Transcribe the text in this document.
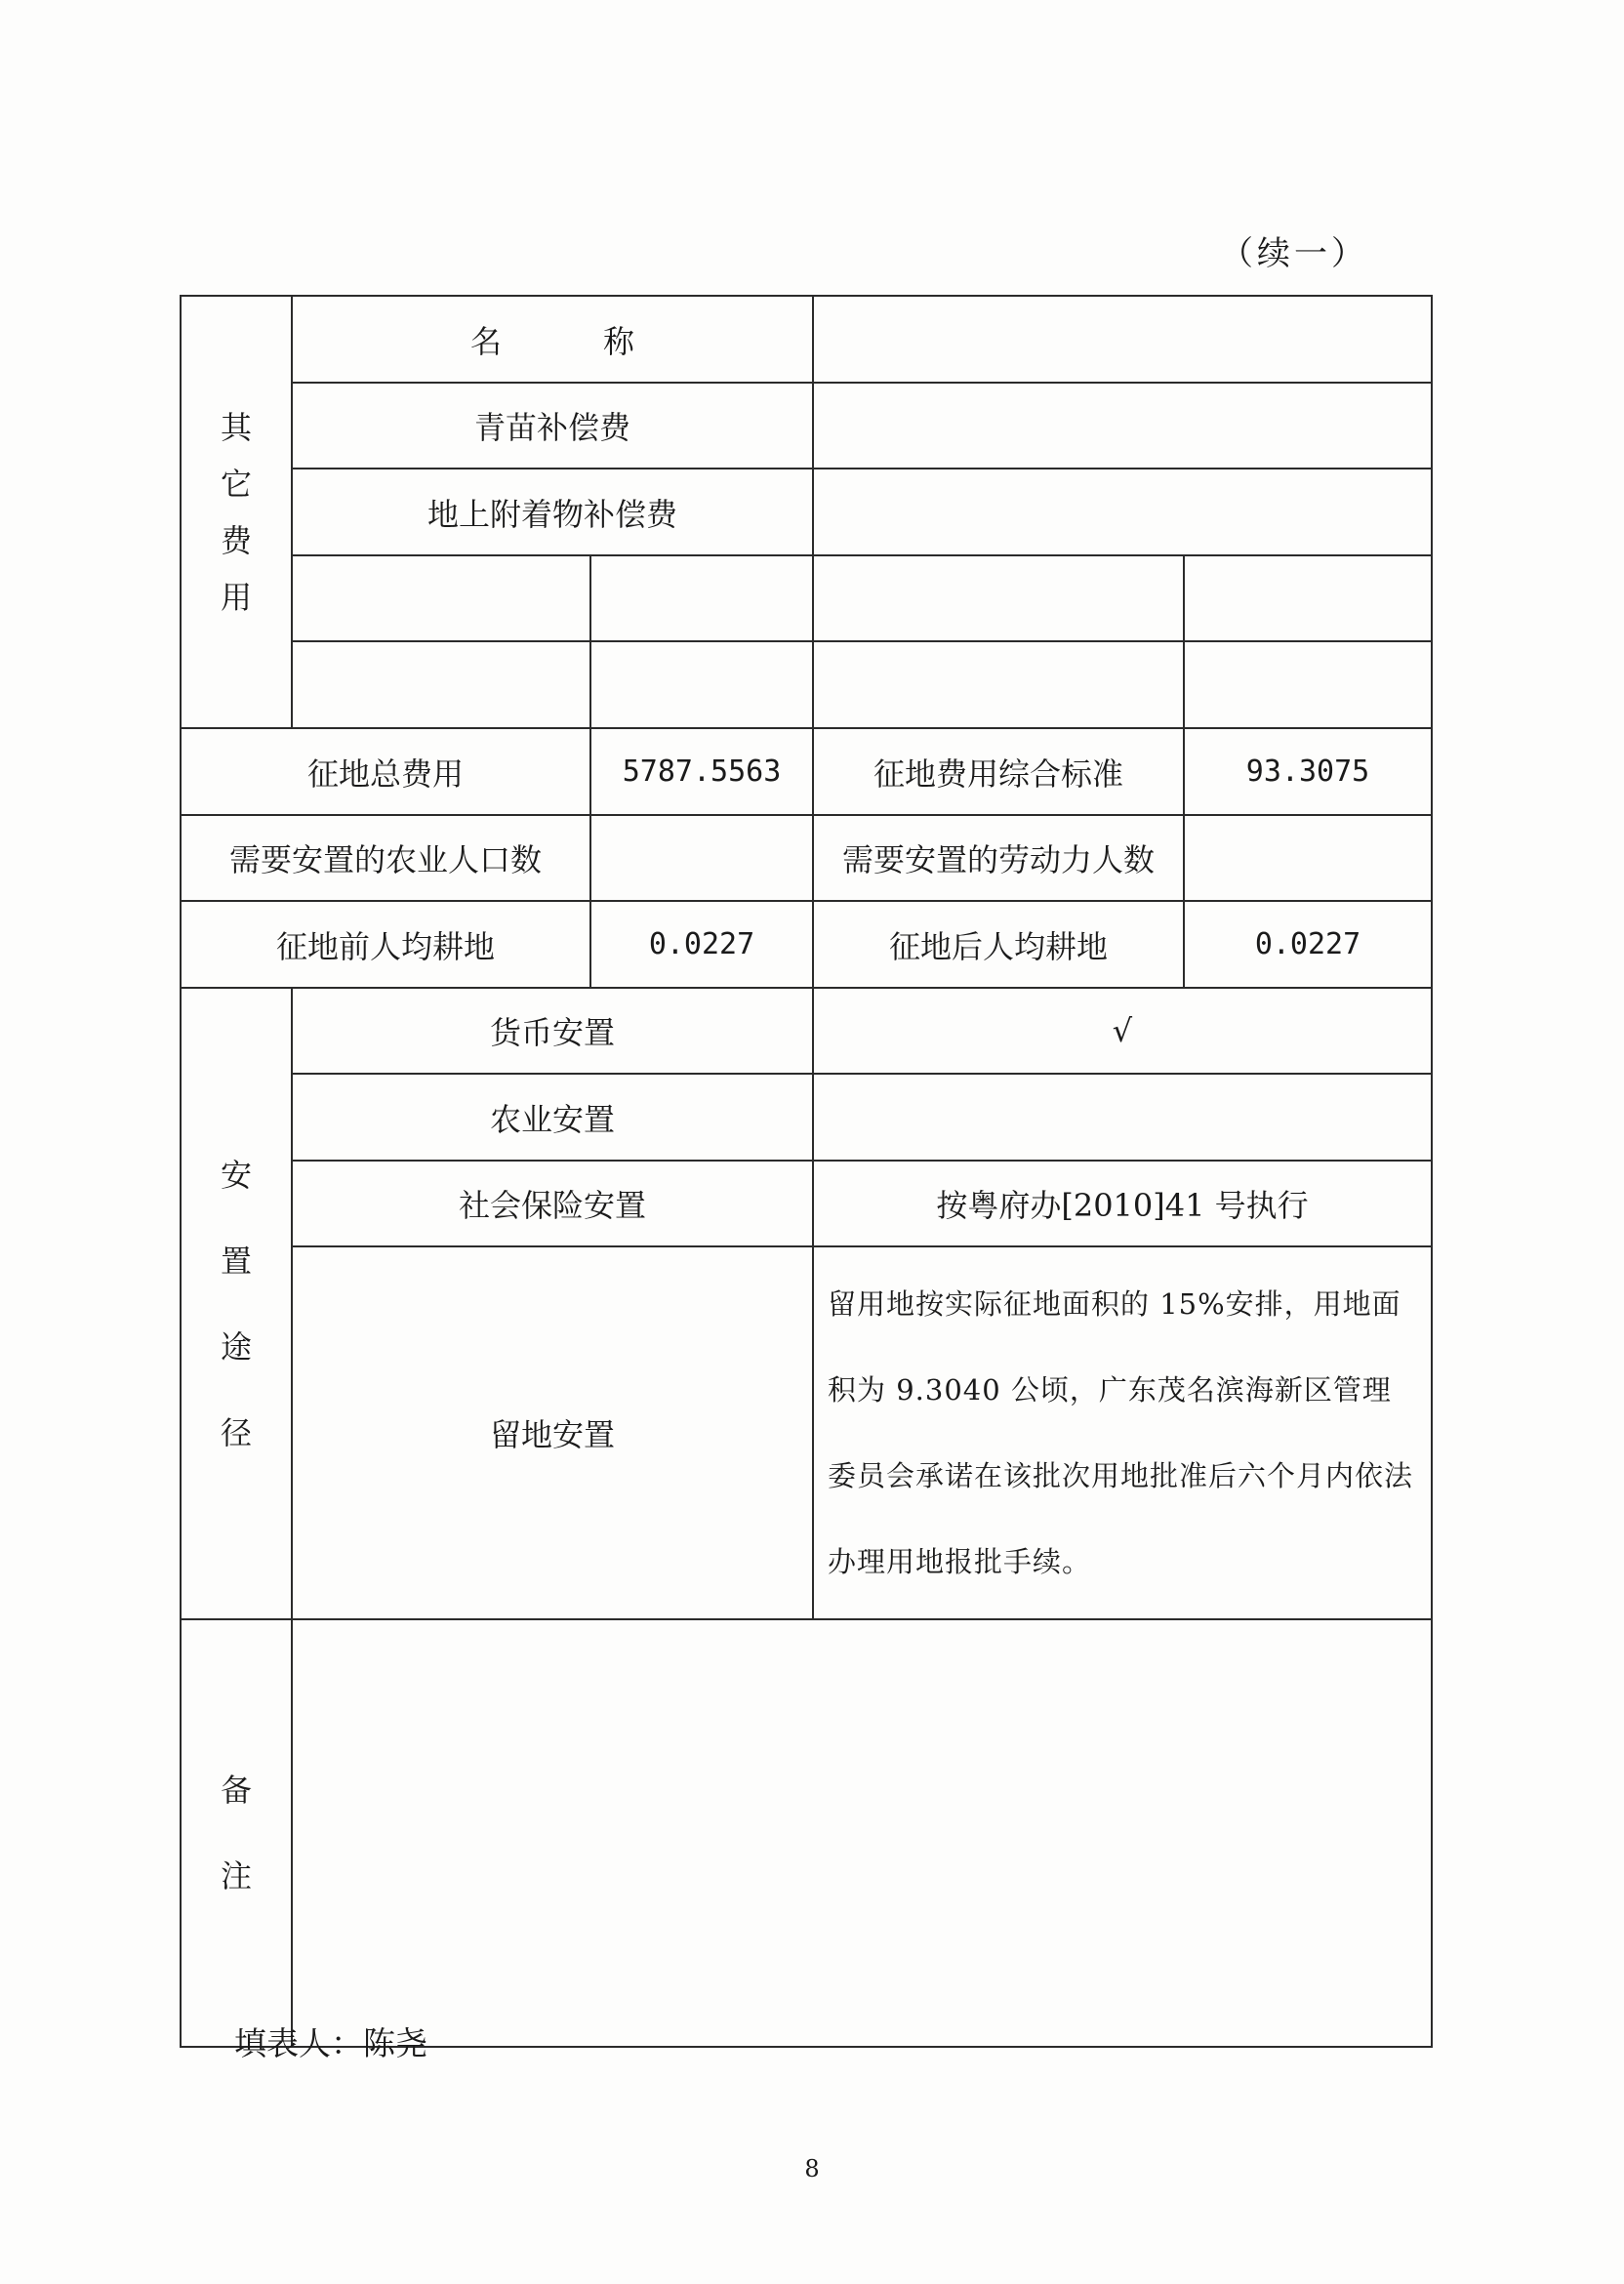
（续一）
其
它
费
用	名 称			
	青苗补偿费			
	地上附着物补偿费			

征地总费用		5787.5563	征地费用综合标准	93.3075
需要安置的农业人口数			需要安置的劳动力人数	
征地前人均耕地		0.0227	征地后人均耕地	0.0227

安
置
途
径	货币安置		√	
	农业安置			
	社会保险安置		按粤府办[2010]41 号执行	
	留地安置		留用地按实际征地面积的 15%安排，用地面积为 9.3040 公顷，广东茂名滨海新区管理委员会承诺在该批次用地批准后六个月内依法办理用地报批手续。	

备
注				

填表人：陈尧
8
